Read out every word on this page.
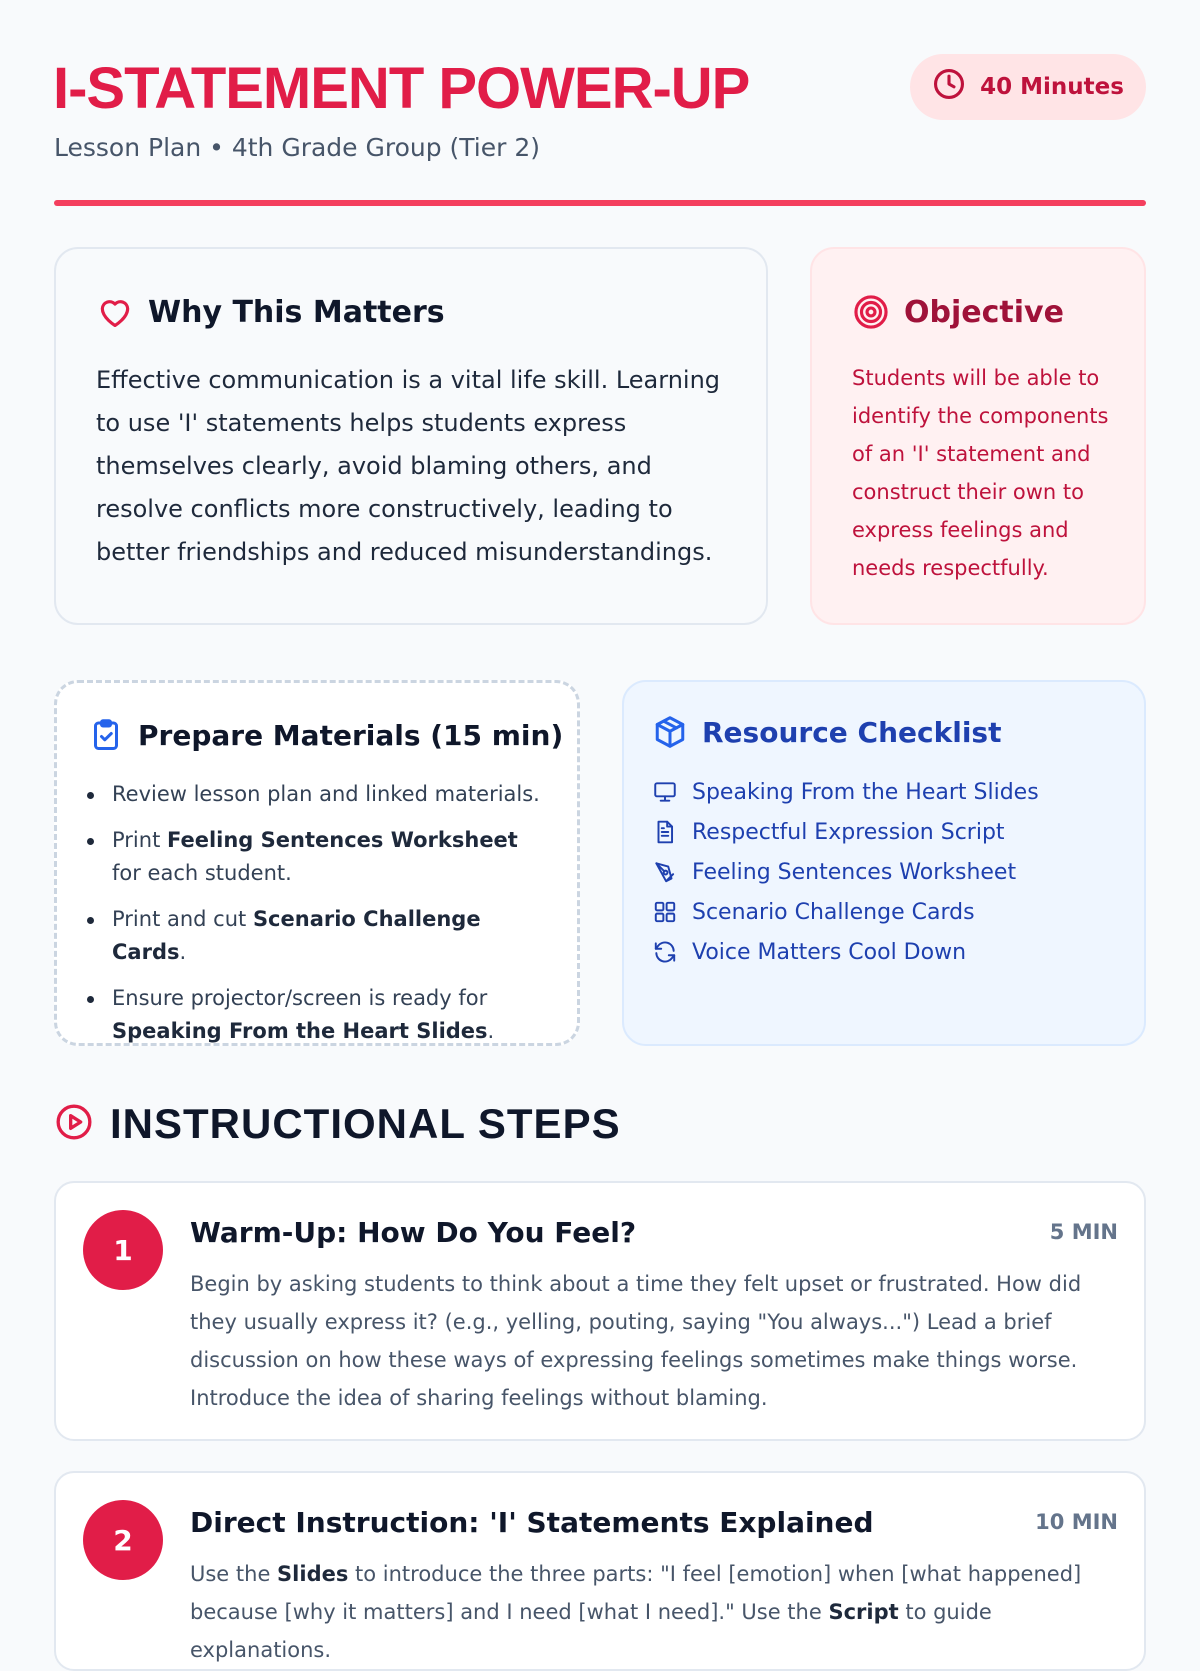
I-STATEMENT POWER-UP
Lesson Plan • 4th Grade Group (Tier 2)
40 Minutes
Why This Matters

Effective communication is a vital life skill. Learning to use 'I' statements helps students express themselves clearly, avoid blaming others, and resolve conflicts more constructively, leading to better friendships and reduced misunderstandings.

Objective

Students will be able to identify the components of an 'I' statement and construct their own to express feelings and needs respectfully.

Prepare Materials (15 min)
Review lesson plan and linked materials.
Print Feeling Sentences Worksheet for each student.
Print and cut Scenario Challenge Cards.
Ensure projector/screen is ready for Speaking From the Heart Slides.
Resource Checklist
Speaking From the Heart Slides
Respectful Expression Script
Feeling Sentences Worksheet
Scenario Challenge Cards
Voice Matters Cool Down
INSTRUCTIONAL STEPS
1
Warm-Up: How Do You Feel?	5 MIN

Begin by asking students to think about a time they felt upset or frustrated. How did they usually express it? (e.g., yelling, pouting, saying "You always...") Lead a brief discussion on how these ways of expressing feelings sometimes make things worse. Introduce the idea of sharing feelings without blaming.

2
Direct Instruction: 'I' Statements Explained	10 MIN

Use the Slides to introduce the three parts: "I feel [emotion] when [what happened] because [why it matters] and I need [what I need]." Use the Script to guide explanations.
